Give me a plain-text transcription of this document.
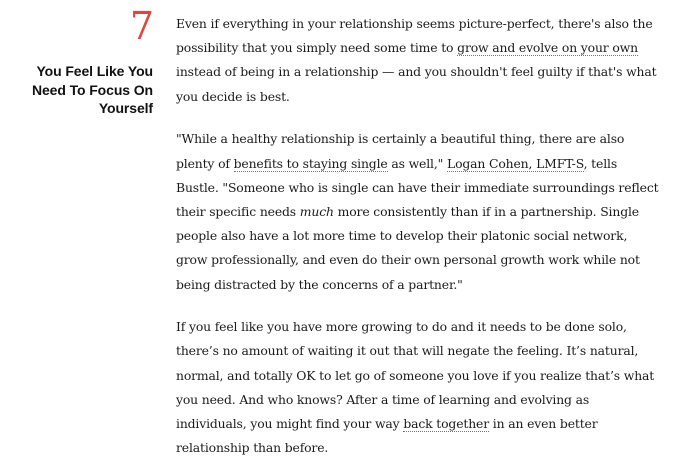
7
You Feel Like You Need To Focus On Yourself

Even if everything in your relationship seems picture-perfect, there's also the possibility that you simply need some time to grow and evolve on your own instead of being in a relationship — and you shouldn't feel guilty if that's what you decide is best.

"While a healthy relationship is certainly a beautiful thing, there are also plenty of benefits to staying single as well," Logan Cohen, LMFT-S, tells Bustle. "Someone who is single can have their immediate surroundings reflect their specific needs much more consistently than if in a partnership. Single people also have a lot more time to develop their platonic social network, grow professionally, and even do their own personal growth work while not being distracted by the concerns of a partner."

If you feel like you have more growing to do and it needs to be done solo, there’s no amount of waiting it out that will negate the feeling. It’s natural, normal, and totally OK to let go of someone you love if you realize that’s what you need. And who knows? After a time of learning and evolving as individuals, you might find your way back together in an even better relationship than before.
